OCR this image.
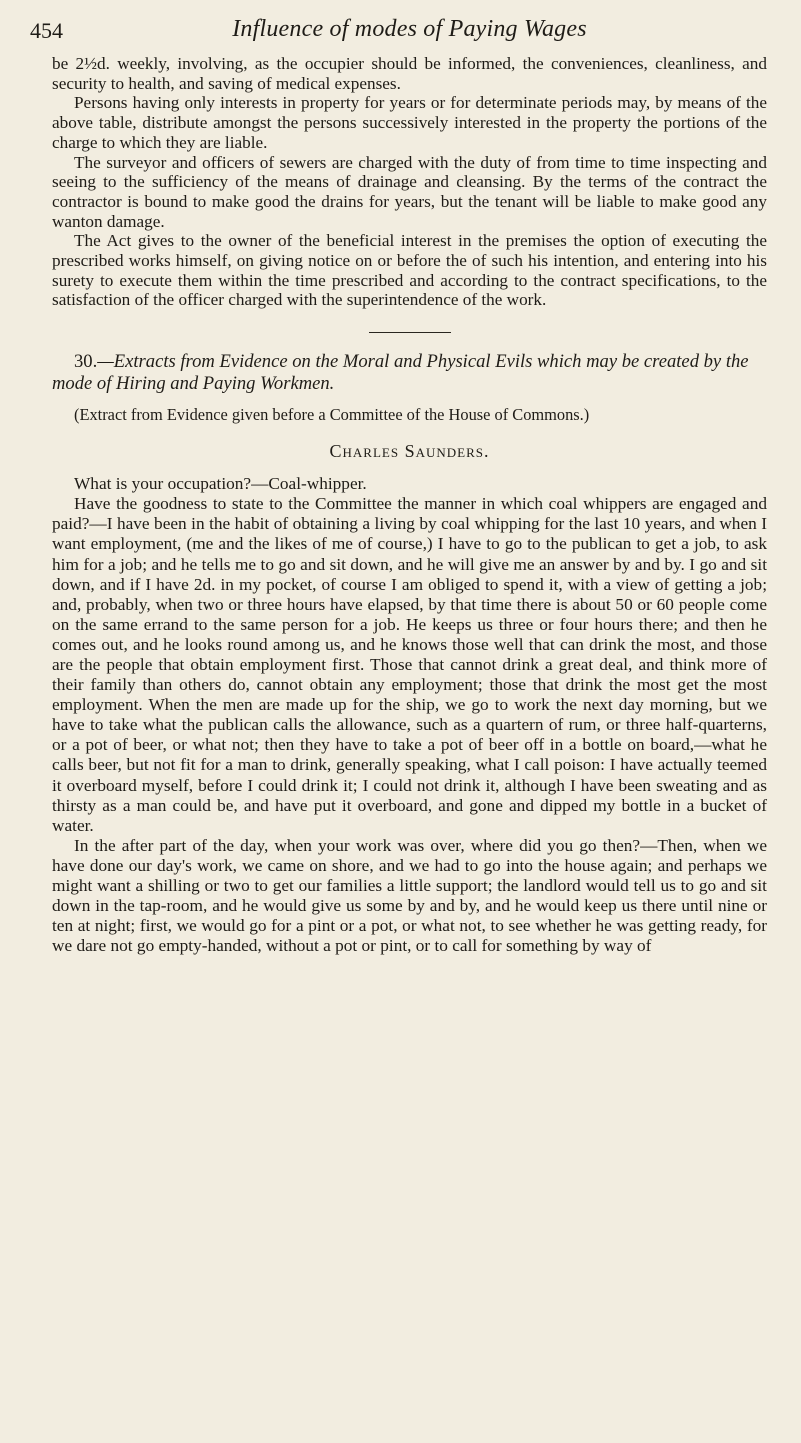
454	Influence of modes of Paying Wages

be 2½d. weekly, involving, as the occupier should be informed, the conveniences, cleanliness, and security to health, and saving of medical expenses.

Persons having only interests in property for years or for determinate periods may, by means of the above table, distribute amongst the persons successively interested in the property the portions of the charge to which they are liable.

The surveyor and officers of sewers are charged with the duty of from time to time inspecting and seeing to the sufficiency of the means of drainage and cleansing. By the terms of the contract the contractor is bound to make good the drains for years, but the tenant will be liable to make good any wanton damage.

The Act gives to the owner of the beneficial interest in the premises the option of executing the prescribed works himself, on giving notice on or before the of such his intention, and entering into his surety to execute them within the time prescribed and according to the contract specifications, to the satisfaction of the officer charged with the superintendence of the work.

30.—Extracts from Evidence on the Moral and Physical Evils which may be created by the mode of Hiring and Paying Workmen.
(Extract from Evidence given before a Committee of the House of Commons.)
Charles Saunders.

What is your occupation?—Coal-whipper.

Have the goodness to state to the Committee the manner in which coal whippers are engaged and paid?—I have been in the habit of obtaining a living by coal whipping for the last 10 years, and when I want employment, (me and the likes of me of course,) I have to go to the publican to get a job, to ask him for a job; and he tells me to go and sit down, and he will give me an answer by and by. I go and sit down, and if I have 2d. in my pocket, of course I am obliged to spend it, with a view of getting a job; and, probably, when two or three hours have elapsed, by that time there is about 50 or 60 people come on the same errand to the same person for a job. He keeps us three or four hours there; and then he comes out, and he looks round among us, and he knows those well that can drink the most, and those are the people that obtain employment first. Those that cannot drink a great deal, and think more of their family than others do, cannot obtain any employment; those that drink the most get the most employment. When the men are made up for the ship, we go to work the next day morning, but we have to take what the publican calls the allowance, such as a quartern of rum, or three half-quarterns, or a pot of beer, or what not; then they have to take a pot of beer off in a bottle on board,—what he calls beer, but not fit for a man to drink, generally speaking, what I call poison: I have actually teemed it overboard myself, before I could drink it; I could not drink it, although I have been sweating and as thirsty as a man could be, and have put it overboard, and gone and dipped my bottle in a bucket of water.

In the after part of the day, when your work was over, where did you go then?—Then, when we have done our day's work, we came on shore, and we had to go into the house again; and perhaps we might want a shilling or two to get our families a little support; the landlord would tell us to go and sit down in the tap-room, and he would give us some by and by, and he would keep us there until nine or ten at night; first, we would go for a pint or a pot, or what not, to see whether he was getting ready, for we dare not go empty-handed, without a pot or pint, or to call for something by way of
